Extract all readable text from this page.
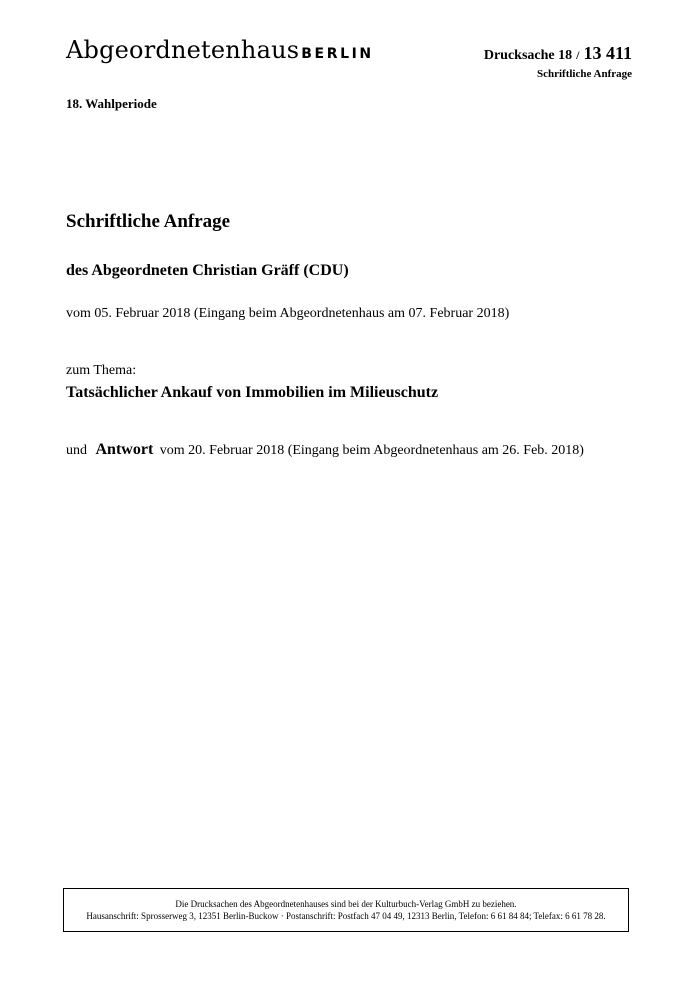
Abgeordnetenhaus BERLIN	Drucksache 18 / 13 411
Schriftliche Anfrage
18. Wahlperiode
Schriftliche Anfrage
des Abgeordneten Christian Gräff (CDU)
vom 05. Februar 2018 (Eingang beim Abgeordnetenhaus am 07. Februar 2018)
zum Thema:
Tatsächlicher Ankauf von Immobilien im Milieuschutz
und Antwort vom 20. Februar 2018 (Eingang beim Abgeordnetenhaus am 26. Feb. 2018)
Die Drucksachen des Abgeordnetenhauses sind bei der Kulturbuch-Verlag GmbH zu beziehen.
Hausanschrift: Sprosserweg 3, 12351 Berlin-Buckow · Postanschrift: Postfach 47 04 49, 12313 Berlin, Telefon: 6 61 84 84; Telefax: 6 61 78 28.
